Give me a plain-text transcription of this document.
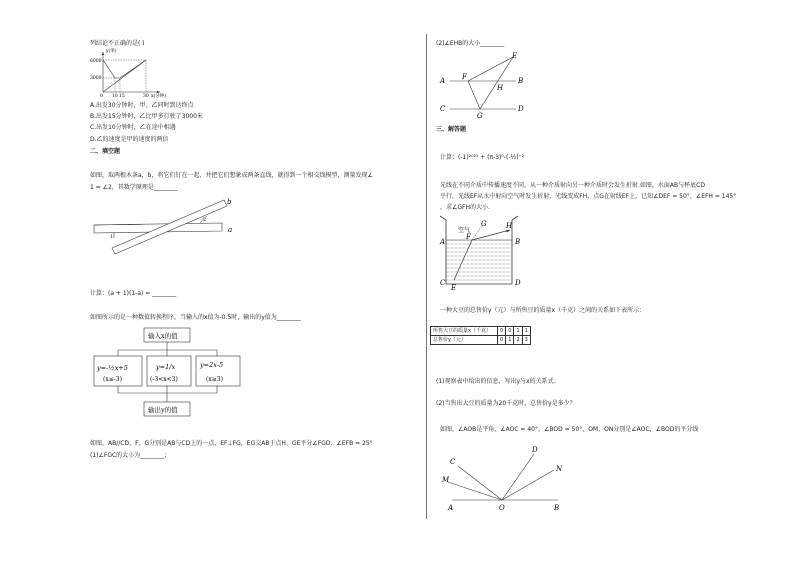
列结论不正确的是( )
y(米)
6000
3000
0 10 15	30 x(分钟)
A.出发30分钟时，甲、乙同时到达终点
B.出发15分钟时，乙比甲多行驶了3000米
C.出发10分钟时，乙在途中相遇
D.乙的速度是甲的速度的两倍
二、填空题
如图，取两根木条a，b，将它们钉在一起，并把它们想象成两条直线，就得到一个相交线模型，测量发现∠
1 = ∠2，其数学原理是________
2
1
b
a
计算：(a + 1)(1-a) = ________
如图所示的是一种数值转换程序，当输入的x值为-0.5时，输出的y值为________
输入x的值
y=-½x+5
(x≤-3)
y=1/x
(-3<x<3)
y=2x-5
(x≥3)
输出y的值
如图，AB//CD，F、G分别是AB与CD上的一点，EF⊥FG，EG交AB于点H，GE平分∠FGD，∠EFB = 25°
(1)∠FGC的大小为________；
(2)∠EHB的大小________
A	B
C	D
E
F
G
H
三、解答题
计算：(-1)²⁰²¹ + (π-3)⁰-(-½)⁻²
光线在不同介质中传播速度不同，从一种介质射向另一种介质时会发生折射.如图，水面AB与杯底CD
平行，光线EF从水中射向空气时发生折射，光线变成FH，点G在射线EF上，已知∠DEF = 50°，∠EFH = 145°
，求∠GFH的大小.
空气
A	B
C	D
E
F
G	H
一种大豆的总售价y（元）与所售豆的质量x（千克）之间的关系如下表所示：
所售大豆的质量x（千克）	0	0	1	1
总售价y（元）	0	1	2	3
(1)观察表中给出的信息，写出y与x的关系式；
(2)当售出大豆的质量为20千克时，总售价y是多少？
如图，∠AOB是平角，∠AOC = 40°，∠BOD = 50°，OM、ON分别是∠AOC，∠BOD的平分线
C
M
D
N
A	O	B
